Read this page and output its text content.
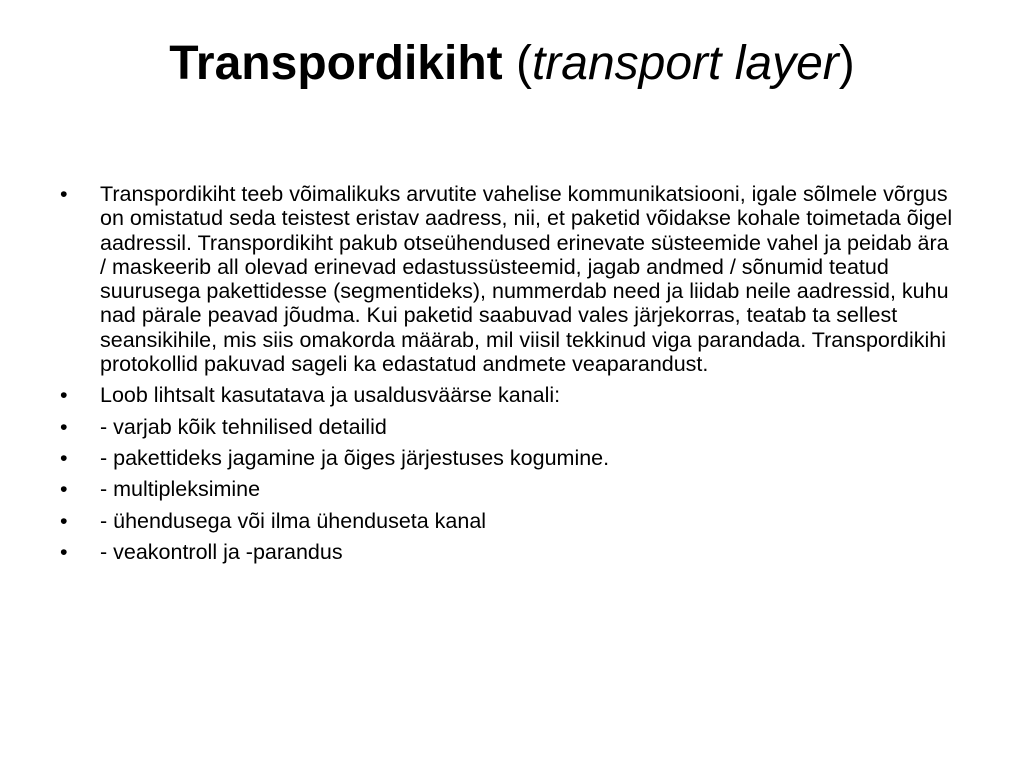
Transpordikiht (transport layer)
• Transpordikiht teeb võimalikuks arvutite vahelise kommunikatsiooni, igale sõlmele võrgus on omistatud seda teistest eristav aadress, nii, et paketid võidakse kohale toimetada õigel aadressil. Transpordikiht pakub otseühendused erinevate süsteemide vahel ja peidab ära / maskeerib all olevad erinevad edastussüsteemid, jagab andmed / sõnumid teatud suurusega pakettidesse (segmentideks), nummerdab need ja liidab neile aadressid, kuhu nad pärale peavad jõudma. Kui paketid saabuvad vales järjekorras, teatab ta sellest seansikihile, mis siis omakorda määrab, mil viisil tekkinud viga parandada. Transpordikihi protokollid pakuvad sageli ka edastatud andmete veaparandust.
• Loob lihtsalt kasutatava ja usaldusväärse kanali:
• - varjab kõik tehnilised detailid
• - pakettideks jagamine ja õiges järjestuses kogumine.
• - multipleksimine
• - ühendusega või ilma ühenduseta kanal
• - veakontroll ja -parandus
